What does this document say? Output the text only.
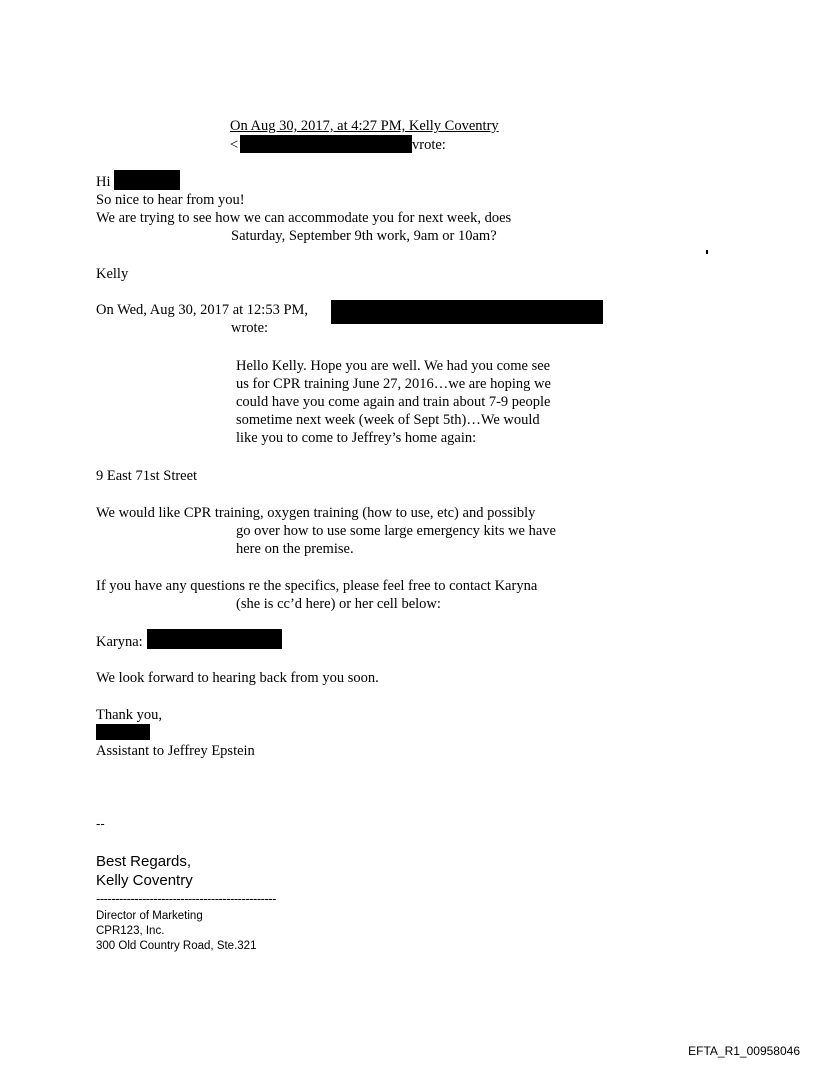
On Aug 30, 2017, at 4:27 PM, Kelly Coventry
<	vrote:
Hi
So nice to hear from you!
We are trying to see how we can accommodate you for next week, does
Saturday, September 9th work, 9am or 10am?
Kelly
On Wed, Aug 30, 2017 at 12:53 PM,
wrote:
Hello Kelly. Hope you are well. We had you come see
us for CPR training June 27, 2016…we are hoping we
could have you come again and train about 7-9 people
sometime next week (week of Sept 5th)…We would
like you to come to Jeffrey’s home again:
9 East 71st Street
We would like CPR training, oxygen training (how to use, etc) and possibly
go over how to use some large emergency kits we have
here on the premise.
If you have any questions re the specifics, please feel free to contact Karyna
(she is cc’d here) or her cell below:
Karyna:
We look forward to hearing back from you soon.
Thank you,
Assistant to Jeffrey Epstein
--
Best Regards,
Kelly Coventry
-----------------------------------------------
Director of Marketing
CPR123, Inc.
300 Old Country Road, Ste.321
EFTA_R1_00958046
